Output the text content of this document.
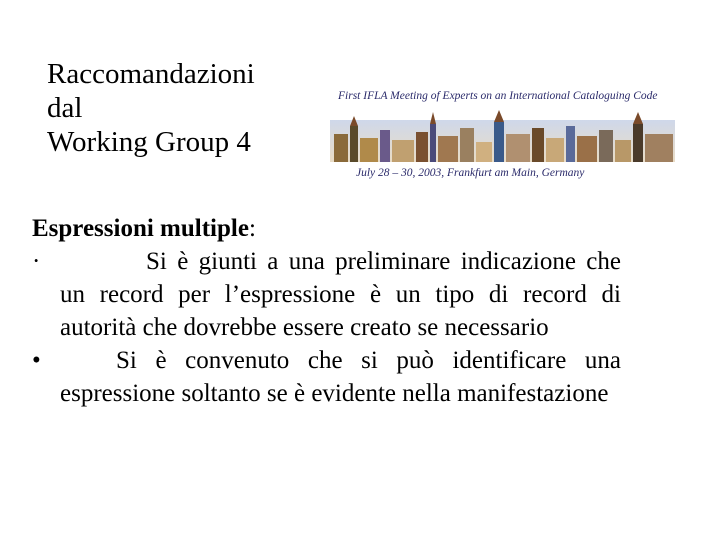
Raccomandazioni
dal
Working Group 4
First IFLA Meeting of Experts on an International Cataloguing Code
July 28 – 30, 2003, Frankfurt am Main, Germany
Espressioni multiple:
·	Si è giunti a una preliminare indicazione che un record per l’espressione è un tipo di record di autorità che dovrebbe essere creato se necessario
•	Si è convenuto che si può identificare una espressione soltanto se è evidente nella manifestazione
